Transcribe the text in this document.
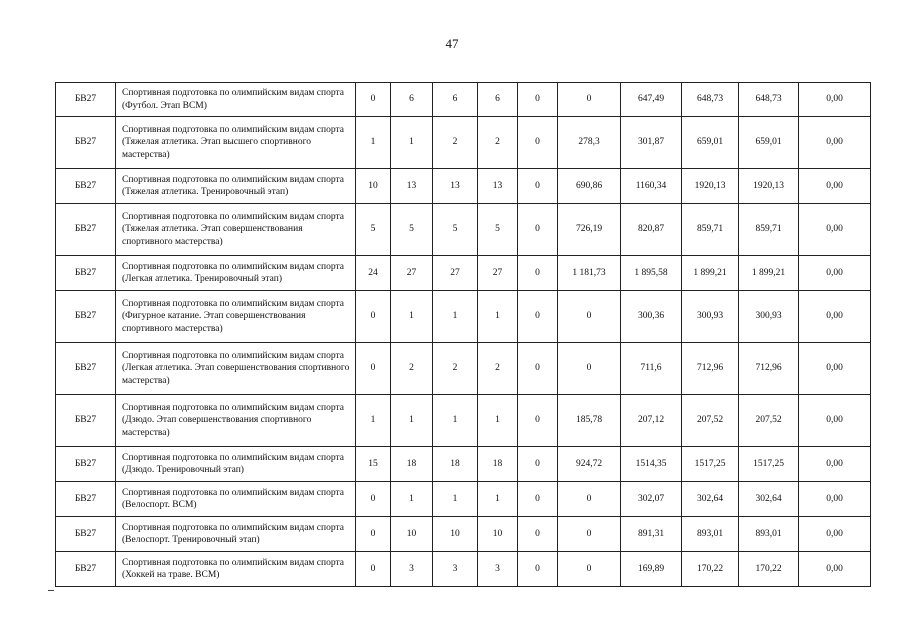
47
БВ27	Спортивная подготовка по олимпийским видам спорта (Футбол. Этап ВСМ)	0	6	6	6	0	0	647,49	648,73	648,73	0,00
БВ27	Спортивная подготовка по олимпийским видам спорта (Тяжелая атлетика. Этап высшего спортивного мастерства)	1	1	2	2	0	278,3	301,87	659,01	659,01	0,00
БВ27	Спортивная подготовка по олимпийским видам спорта (Тяжелая атлетика. Тренировочный этап)	10	13	13	13	0	690,86	1160,34	1920,13	1920,13	0,00
БВ27	Спортивная подготовка по олимпийским видам спорта (Тяжелая атлетика. Этап совершенствования спортивного мастерства)	5	5	5	5	0	726,19	820,87	859,71	859,71	0,00
БВ27	Спортивная подготовка по олимпийским видам спорта (Легкая атлетика. Тренировочный этап)	24	27	27	27	0	1 181,73	1 895,58	1 899,21	1 899,21	0,00
БВ27	Спортивная подготовка по олимпийским видам спорта (Фигурное катание. Этап совершенствования спортивного мастерства)	0	1	1	1	0	0	300,36	300,93	300,93	0,00
БВ27	Спортивная подготовка по олимпийским видам спорта (Легкая атлетика. Этап совершенствования спортивного мастерства)	0	2	2	2	0	0	711,6	712,96	712,96	0,00
БВ27	Спортивная подготовка по олимпийским видам спорта (Дзюдо. Этап совершенствования спортивного мастерства)	1	1	1	1	0	185,78	207,12	207,52	207,52	0,00
БВ27	Спортивная подготовка по олимпийским видам спорта (Дзюдо. Тренировочный этап)	15	18	18	18	0	924,72	1514,35	1517,25	1517,25	0,00
БВ27	Спортивная подготовка по олимпийским видам спорта (Велоспорт. ВСМ)	0	1	1	1	0	0	302,07	302,64	302,64	0,00
БВ27	Спортивная подготовка по олимпийским видам спорта (Велоспорт. Тренировочный этап)	0	10	10	10	0	0	891,31	893,01	893,01	0,00
БВ27	Спортивная подготовка по олимпийским видам спорта (Хоккей на траве. ВСМ)	0	3	3	3	0	0	169,89	170,22	170,22	0,00
